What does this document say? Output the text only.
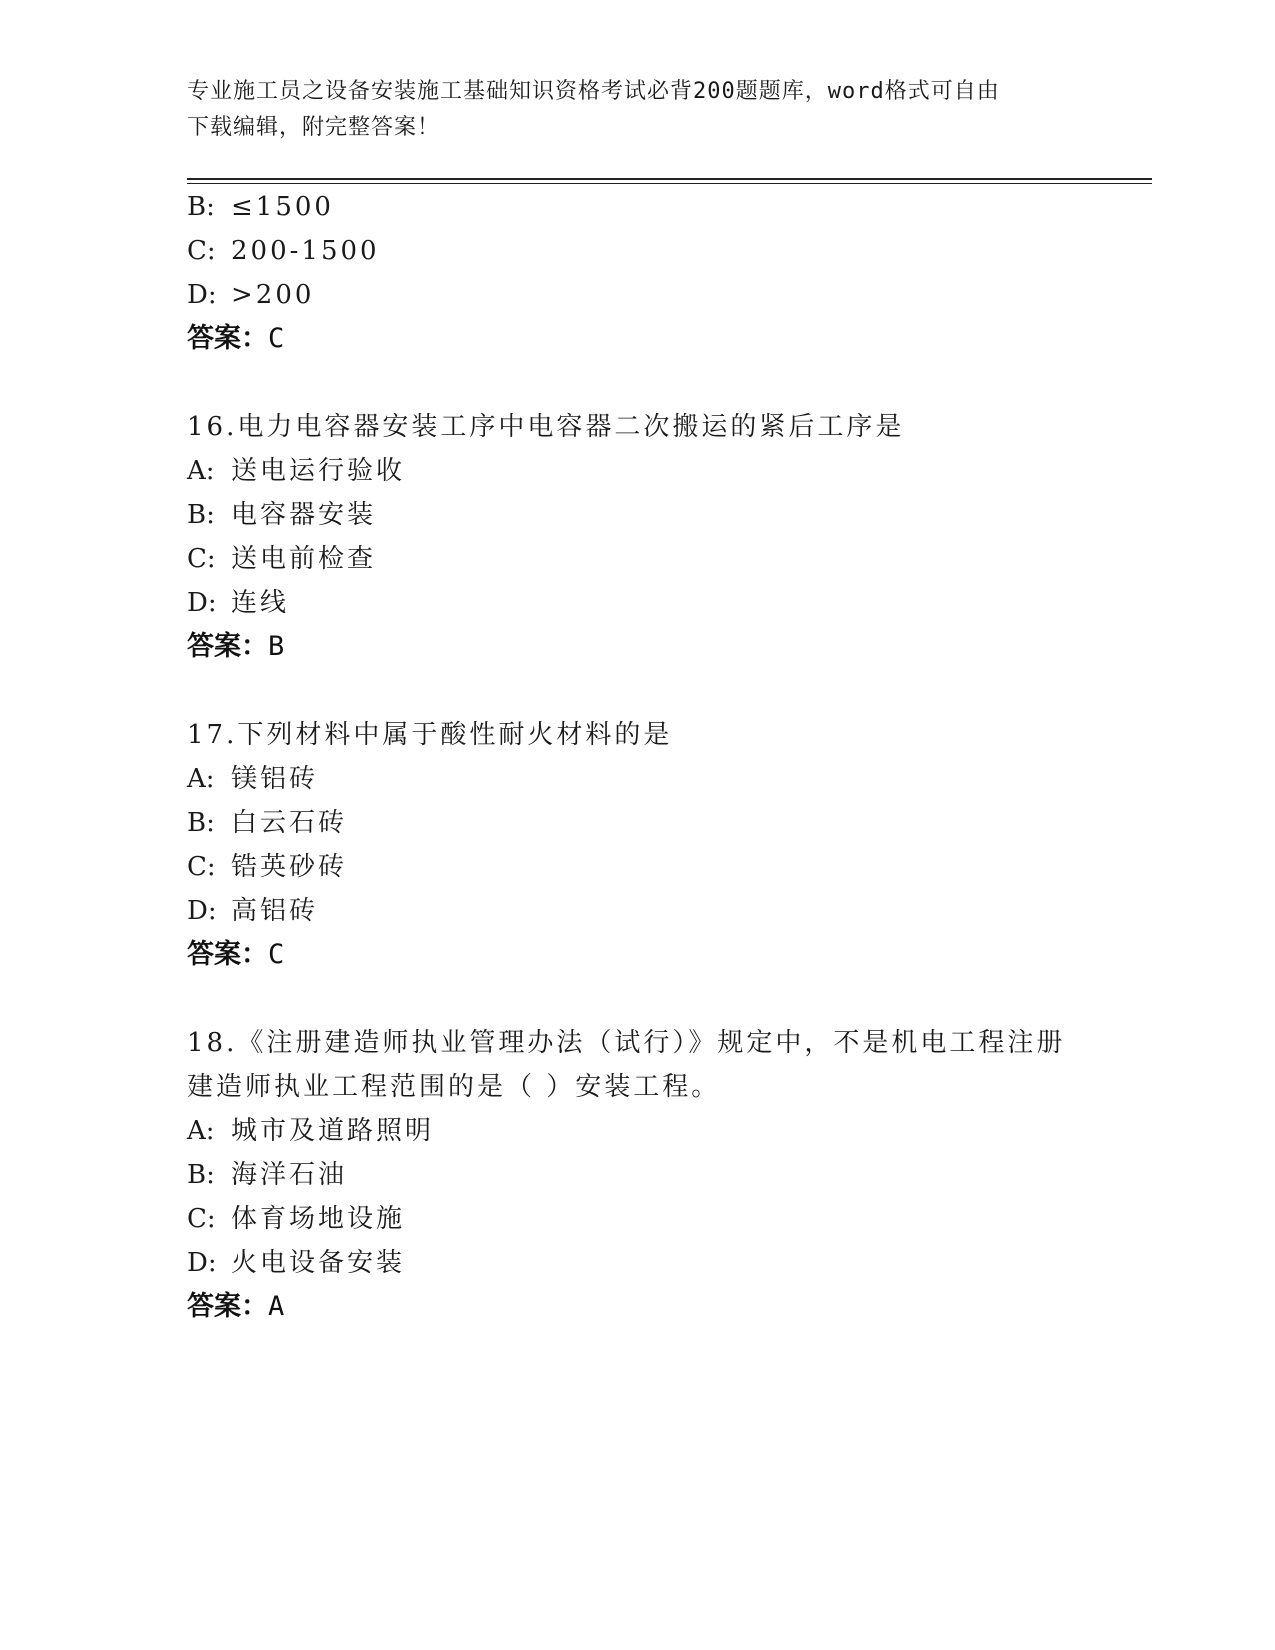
专业施工员之设备安装施工基础知识资格考试必背200题题库，word格式可自由
下载编辑，附完整答案！
B: ≤1500
C: 200-1500
D: >200
答案：C
16.电力电容器安装工序中电容器二次搬运的紧后工序是
A: 送电运行验收
B: 电容器安装
C: 送电前检查
D: 连线
答案：B
17.下列材料中属于酸性耐火材料的是
A: 镁铝砖
B: 白云石砖
C: 锆英砂砖
D: 高铝砖
答案：C
18.《注册建造师执业管理办法（试行）》规定中，不是机电工程注册
建造师执业工程范围的是（ ）安装工程。
A: 城市及道路照明
B: 海洋石油
C: 体育场地设施
D: 火电设备安装
答案：A
